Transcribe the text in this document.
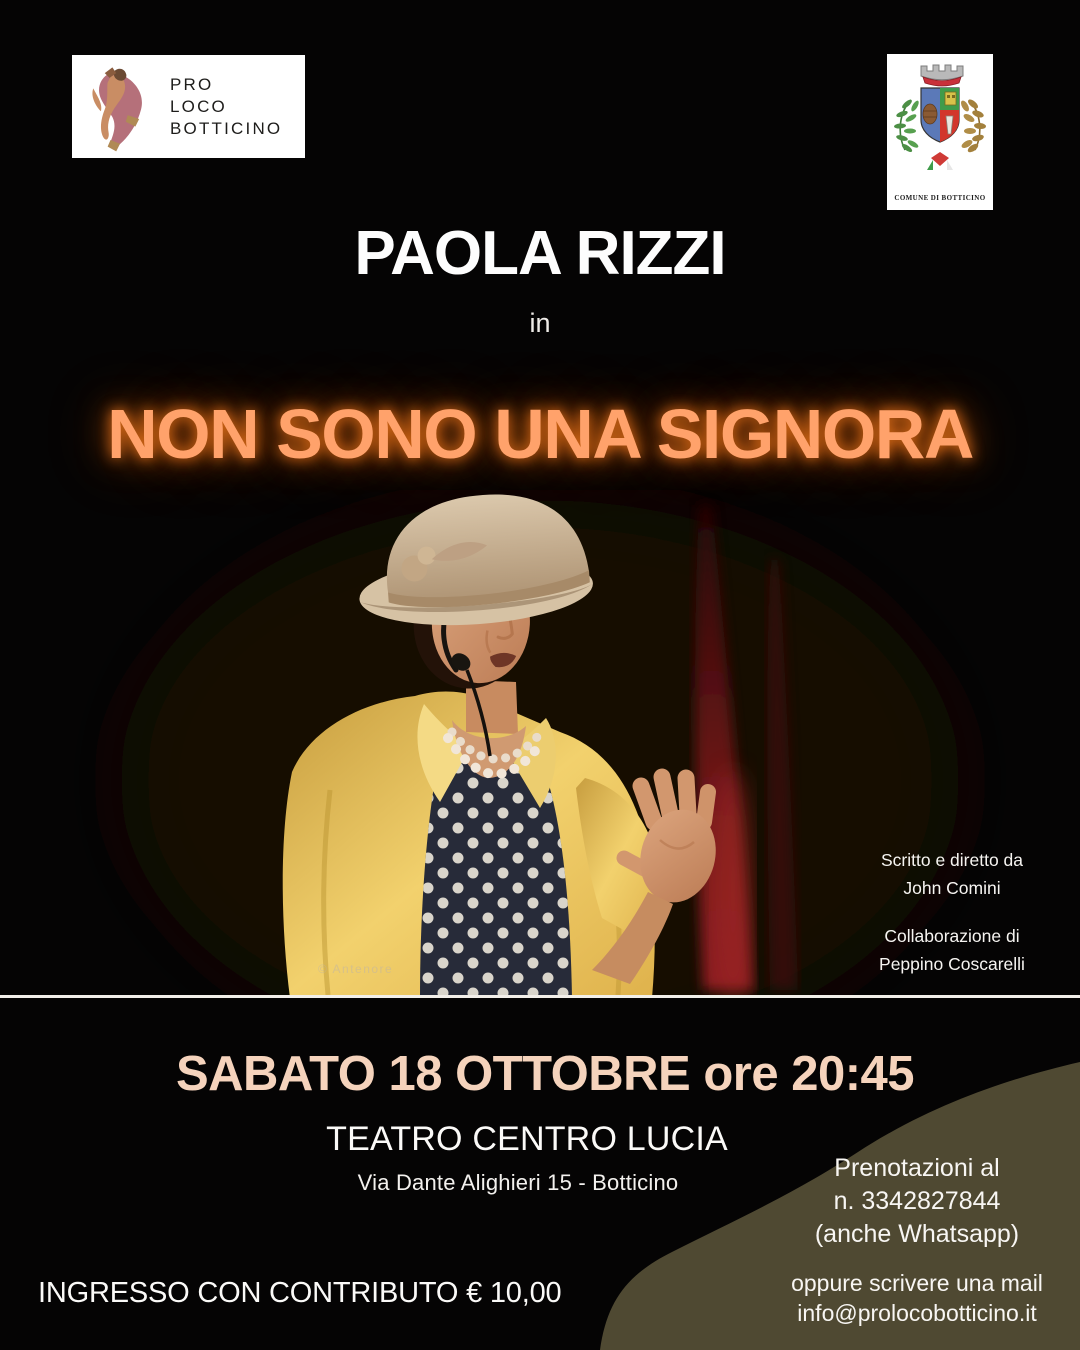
PRO
LOCO
BOTTICINO
COMUNE DI BOTTICINO
PAOLA RIZZI
in
NON SONO UNA SIGNORA
© Antenore
Scritto e diretto da
John Comini
Collaborazione di
Peppino Coscarelli
SABATO 18 OTTOBRE ore 20:45
TEATRO CENTRO LUCIA
Via Dante Alighieri 15 - Botticino
INGRESSO CON CONTRIBUTO € 10,00
Prenotazioni al
n. 3342827844
(anche Whatsapp)
oppure scrivere una mail
info@prolocobotticino.it
